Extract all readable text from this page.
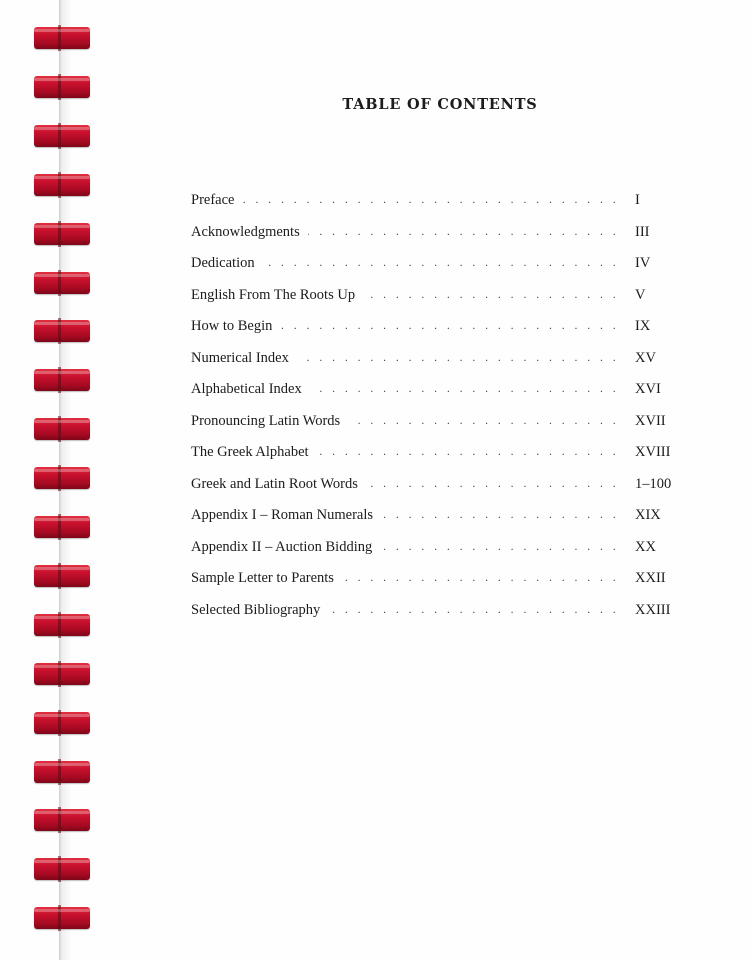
TABLE OF CONTENTS
Preface . . .	I
Acknowledgments . . .	III
Dedication . . .	IV
English From The Roots Up . . .	V
How to Begin . . .	IX
Numerical Index . . .	XV
Alphabetical Index . . .	XVI
Pronouncing Latin Words . . .	XVII
The Greek Alphabet . . .	XVIII
Greek and Latin Root Words . . .	1–100
Appendix I – Roman Numerals . . .	XIX
Appendix II – Auction Bidding . . .	XX
Sample Letter to Parents . . .	XXII
Selected Bibliography . . .	XXIII
